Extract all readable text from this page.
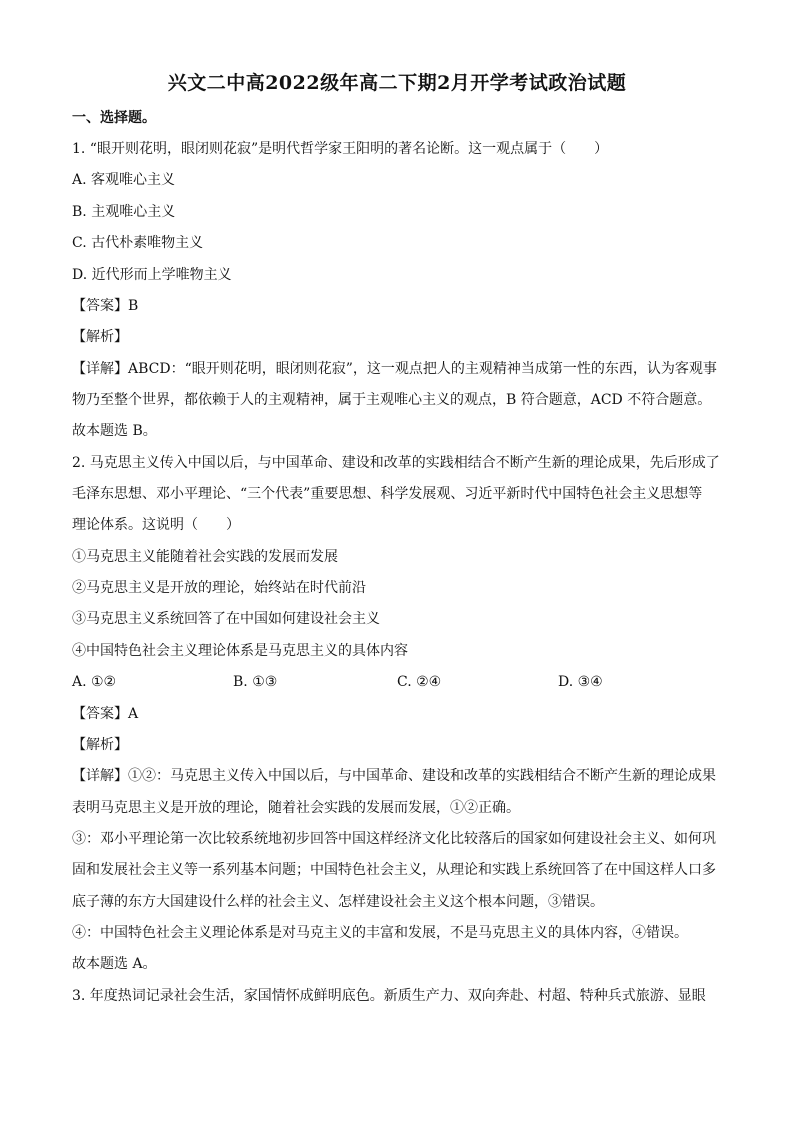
兴文二中高2022级年高二下期2月开学考试政治试题
一、选择题。
1. “眼开则花明，眼闭则花寂”是明代哲学家王阳明的著名论断。这一观点属于（　　）
A. 客观唯心主义
B. 主观唯心主义
C. 古代朴素唯物主义
D. 近代形而上学唯物主义
【答案】B
【解析】
【详解】ABCD：“眼开则花明，眼闭则花寂”，这一观点把人的主观精神当成第一性的东西，认为客观事
物乃至整个世界，都依赖于人的主观精神，属于主观唯心主义的观点，B 符合题意，ACD 不符合题意。
故本题选 B。
2. 马克思主义传入中国以后，与中国革命、建设和改革的实践相结合不断产生新的理论成果，先后形成了
毛泽东思想、邓小平理论、“三个代表”重要思想、科学发展观、习近平新时代中国特色社会主义思想等
理论体系。这说明（　　）
①马克思主义能随着社会实践的发展而发展
②马克思主义是开放的理论，始终站在时代前沿
③马克思主义系统回答了在中国如何建设社会主义
④中国特色社会主义理论体系是马克思主义的具体内容
A. ①②	B. ①③	C. ②④	D. ③④
【答案】A
【解析】
【详解】①②：马克思主义传入中国以后，与中国革命、建设和改革的实践相结合不断产生新的理论成果
表明马克思主义是开放的理论，随着社会实践的发展而发展，①②正确。
③：邓小平理论第一次比较系统地初步回答中国这样经济文化比较落后的国家如何建设社会主义、如何巩
固和发展社会主义等一系列基本问题；中国特色社会主义，从理论和实践上系统回答了在中国这样人口多
底子薄的东方大国建设什么样的社会主义、怎样建设社会主义这个根本问题，③错误。
④：中国特色社会主义理论体系是对马克主义的丰富和发展，不是马克思主义的具体内容，④错误。
故本题选 A。
3. 年度热词记录社会生活，家国情怀成鲜明底色。新质生产力、双向奔赴、村超、特种兵式旅游、显眼
